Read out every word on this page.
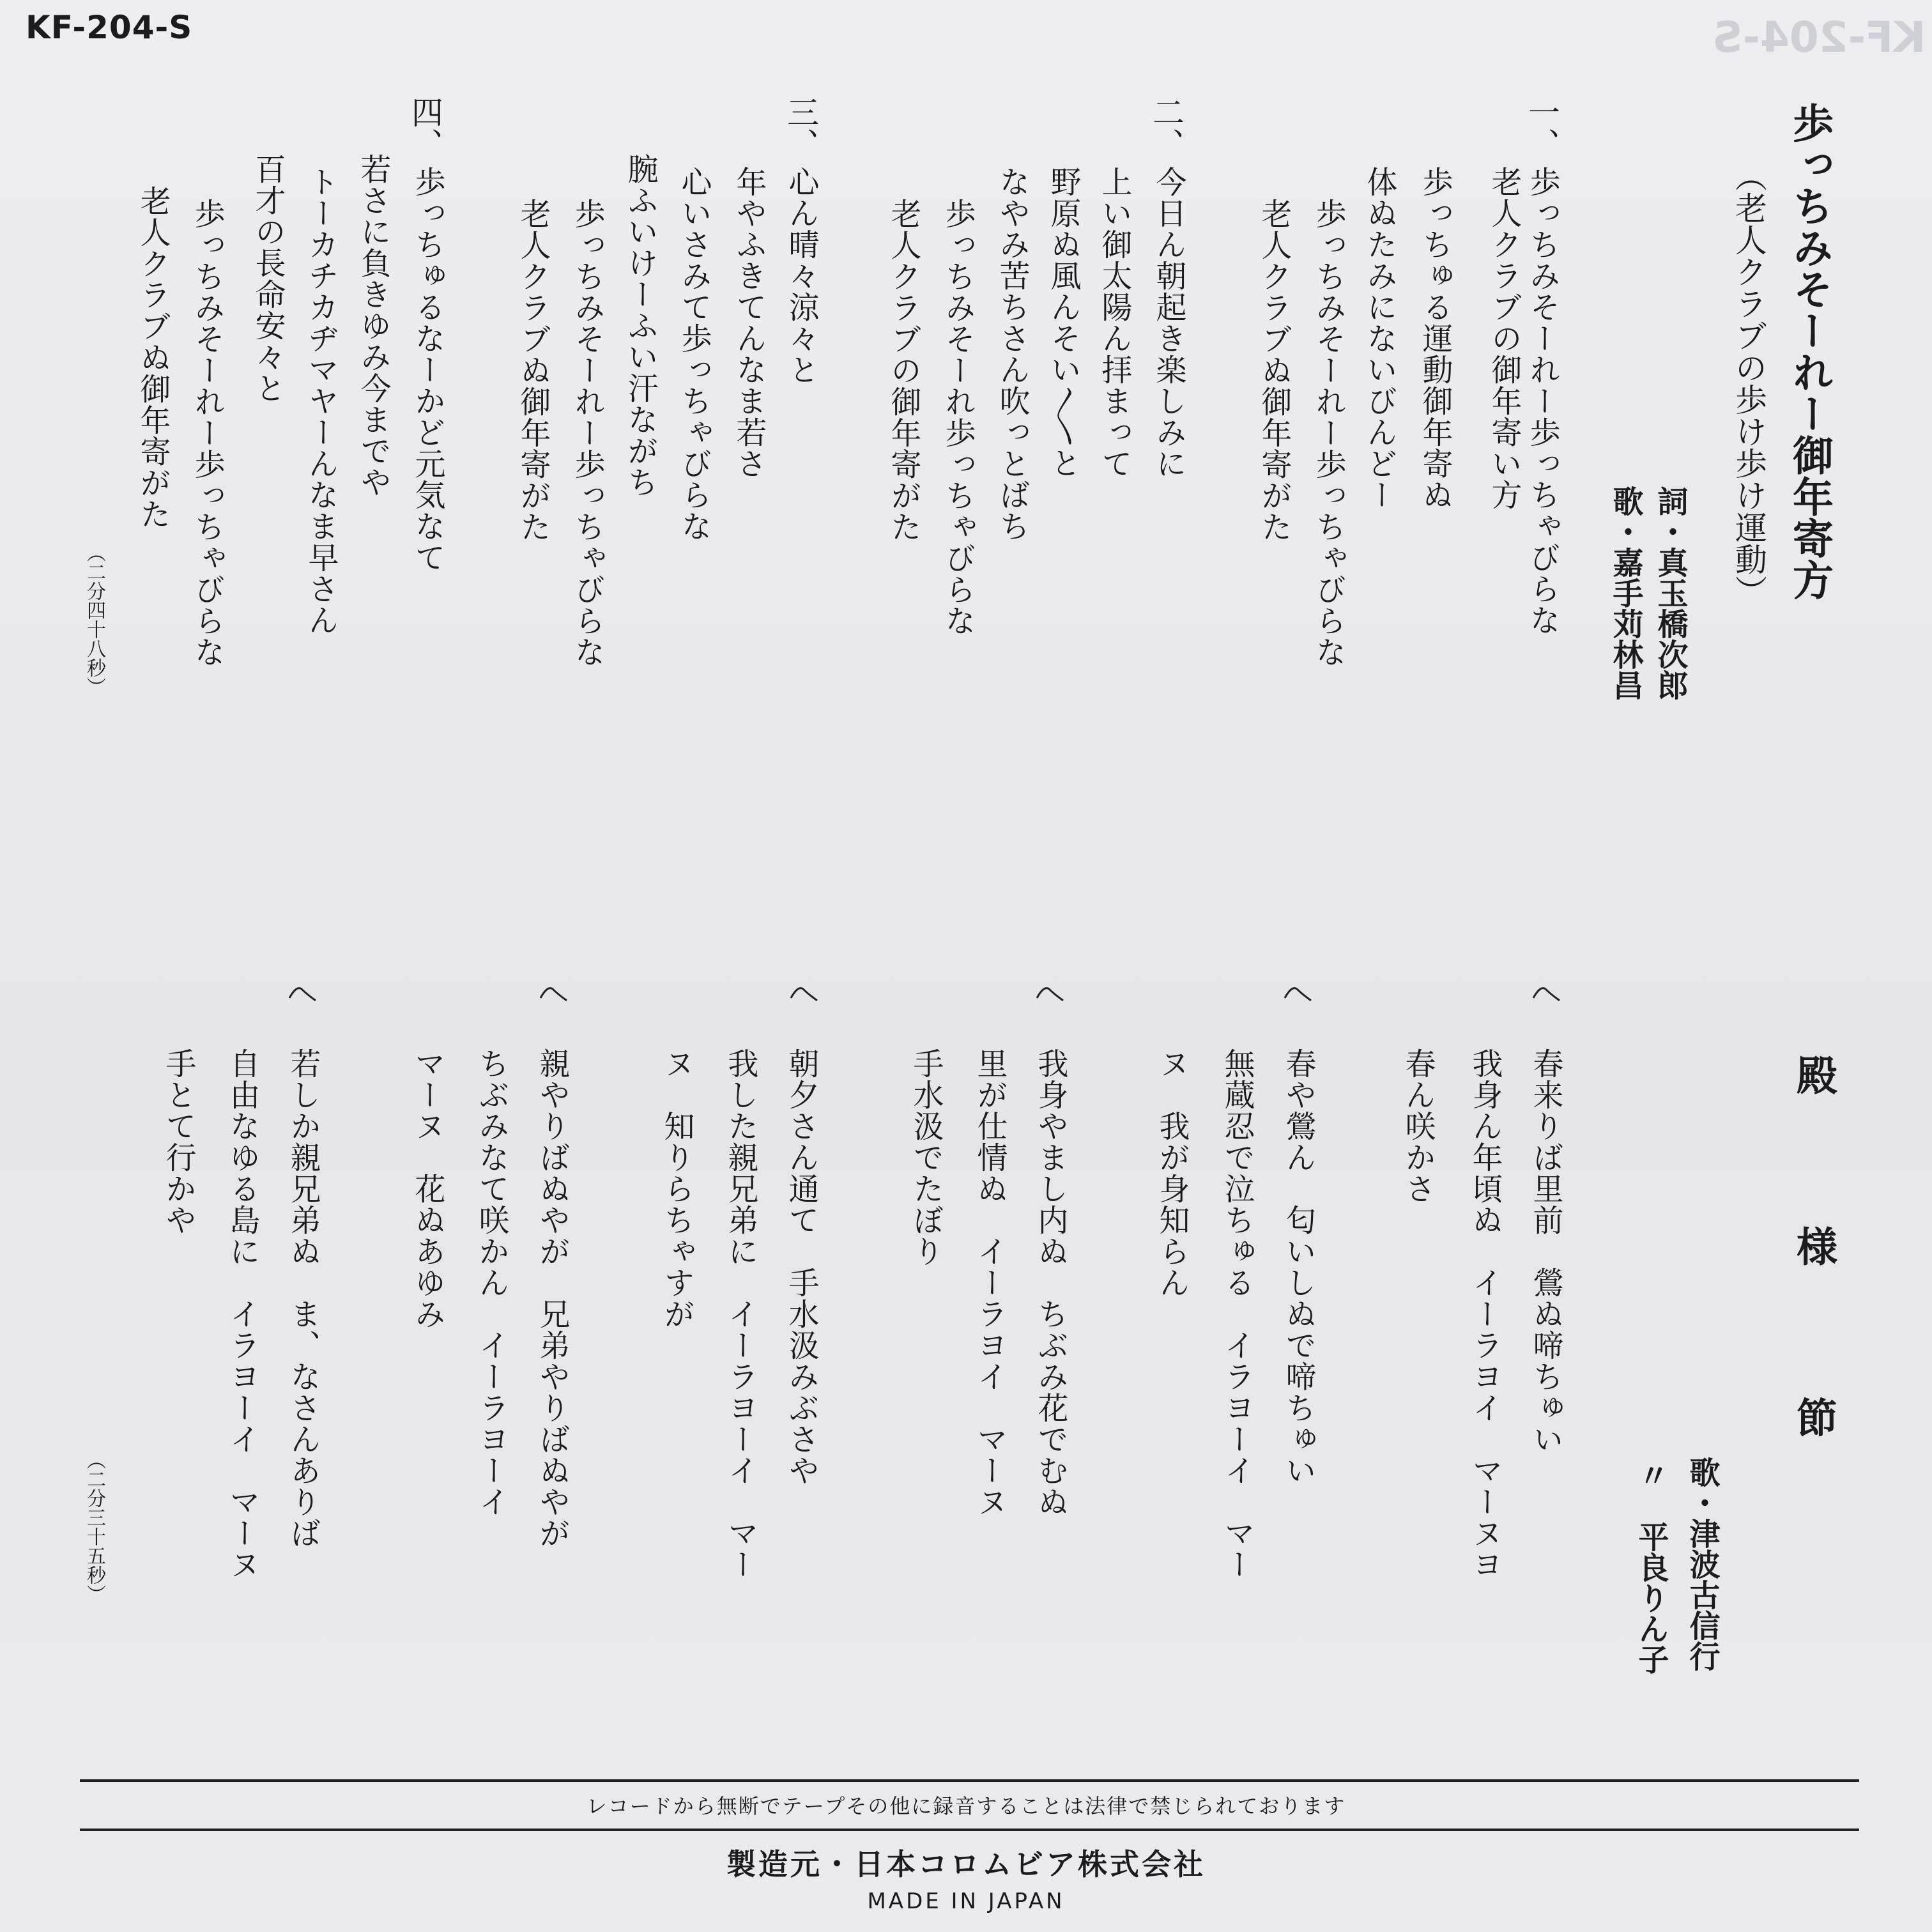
KF-204-S	KF-204-S
歩っちみそーれー御年寄方
（老人クラブの歩け歩け運動）
詞・真玉橋次郎
歌・嘉手苅林昌
一、
歩っちみそーれー歩っちゃびらな
老人クラブの御年寄い方
歩っちゅる運動御年寄ぬ
体ぬたみにないびんどー
歩っちみそーれー歩っちゃびらな
老人クラブぬ御年寄がた
二、
今日ん朝起き楽しみに
上い御太陽ん拝まって
野原ぬ風んそい〳〵と
なやみ苦ちさん吹っとばち
歩っちみそーれ歩っちゃびらな
老人クラブの御年寄がた
三、
心ん晴々涼々と
年やふきてんなま若さ
心いさみて歩っちゃびらな
腕ふいけーふい汗ながち
歩っちみそーれー歩っちゃびらな
老人クラブぬ御年寄がた
四、
歩っちゅるなーかど元気なて
若さに負きゆみ今までや
トーカチカヂマヤーんなま早さん
百才の長命安々と
歩っちみそーれー歩っちゃびらな
老人クラブぬ御年寄がた
（二分四十八秒）
殿　様　節
歌・津波古信行
〃　平良りん子
春来りば里前　鶯ぬ啼ちゅい
我身ん年頃ぬ　イーラヨイ　マーヌヨ
春ん咲かさ
春や鶯ん　匂いしぬで啼ちゅい
無蔵忍で泣ちゅる　イラヨーイ　マー
ヌ　我が身知らん
我身やまし内ぬ　ちぶみ花でむぬ
里が仕情ぬ　イーラヨイ　マーヌ
手水汲でたぼり
朝夕さん通て　手水汲みぶさや
我した親兄弟に　イーラヨーイ　マー
ヌ　知りらちゃすが
親やりばぬやが　兄弟やりばぬやが
ちぶみなて咲かん　イーラヨーイ
マーヌ　花ぬあゆみ
若しか親兄弟ぬ　ま、なさんありば
自由なゆる島に　イラヨーイ　マーヌ
手とて行かや
（二分三十五秒）
レコードから無断でテープその他に録音することは法律で禁じられております
製造元・日本コロムビア株式会社
MADE IN JAPAN
